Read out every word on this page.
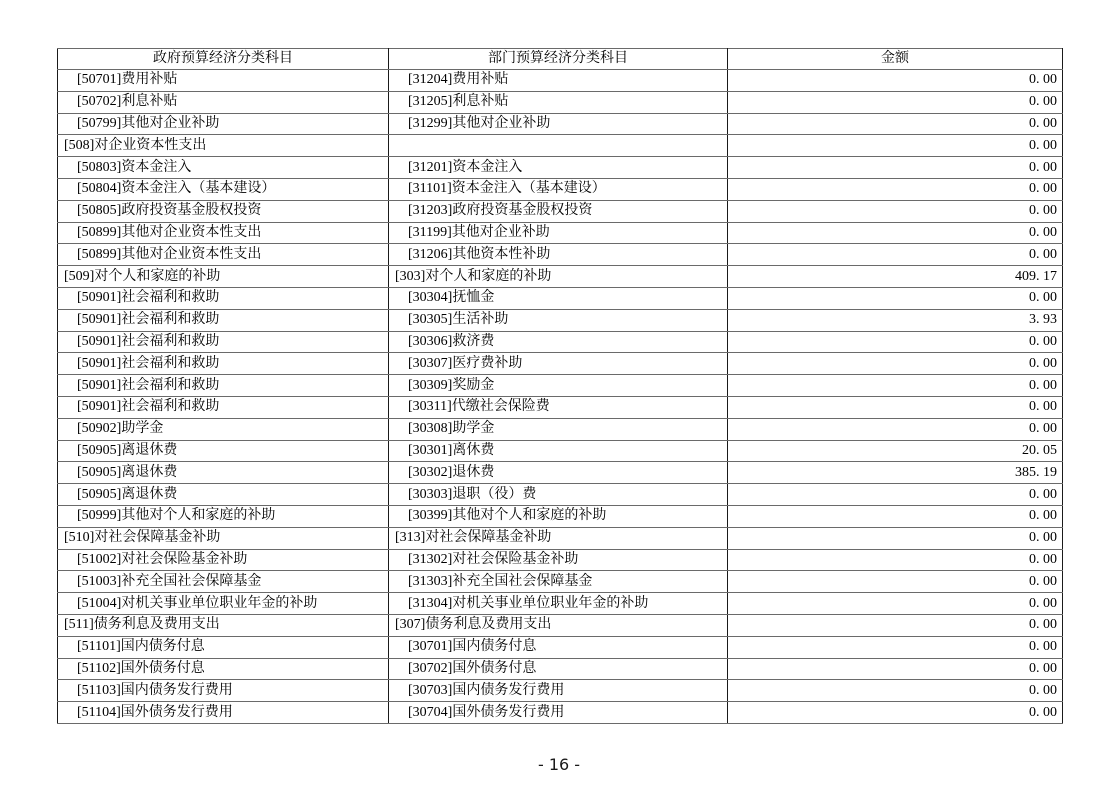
政府预算经济分类科目	部门预算经济分类科目	金额
[50701]费用补贴	[31204]费用补贴	0. 00
[50702]利息补贴	[31205]利息补贴	0. 00
[50799]其他对企业补助	[31299]其他对企业补助	0. 00
[508]对企业资本性支出		0. 00
[50803]资本金注入	[31201]资本金注入	0. 00
[50804]资本金注入（基本建设）	[31101]资本金注入（基本建设）	0. 00
[50805]政府投资基金股权投资	[31203]政府投资基金股权投资	0. 00
[50899]其他对企业资本性支出	[31199]其他对企业补助	0. 00
[50899]其他对企业资本性支出	[31206]其他资本性补助	0. 00
[509]对个人和家庭的补助	[303]对个人和家庭的补助	409. 17
[50901]社会福利和救助	[30304]抚恤金	0. 00
[50901]社会福利和救助	[30305]生活补助	3. 93
[50901]社会福利和救助	[30306]救济费	0. 00
[50901]社会福利和救助	[30307]医疗费补助	0. 00
[50901]社会福利和救助	[30309]奖励金	0. 00
[50901]社会福利和救助	[30311]代缴社会保险费	0. 00
[50902]助学金	[30308]助学金	0. 00
[50905]离退休费	[30301]离休费	20. 05
[50905]离退休费	[30302]退休费	385. 19
[50905]离退休费	[30303]退职（役）费	0. 00
[50999]其他对个人和家庭的补助	[30399]其他对个人和家庭的补助	0. 00
[510]对社会保障基金补助	[313]对社会保障基金补助	0. 00
[51002]对社会保险基金补助	[31302]对社会保险基金补助	0. 00
[51003]补充全国社会保障基金	[31303]补充全国社会保障基金	0. 00
[51004]对机关事业单位职业年金的补助	[31304]对机关事业单位职业年金的补助	0. 00
[511]债务利息及费用支出	[307]债务利息及费用支出	0. 00
[51101]国内债务付息	[30701]国内债务付息	0. 00
[51102]国外债务付息	[30702]国外债务付息	0. 00
[51103]国内债务发行费用	[30703]国内债务发行费用	0. 00
[51104]国外债务发行费用	[30704]国外债务发行费用	0. 00
- 16 -
